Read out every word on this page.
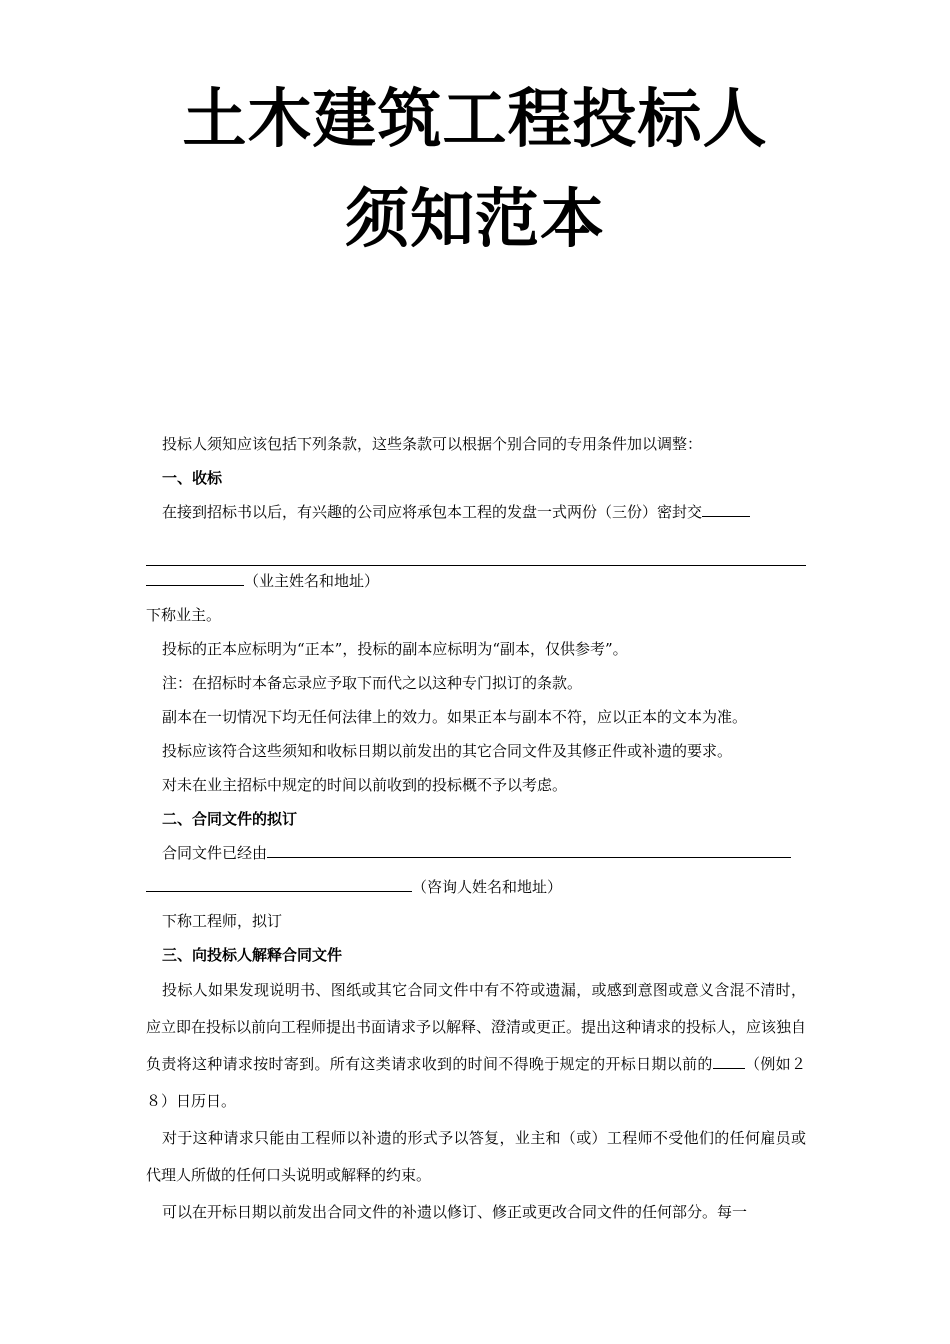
土木建筑工程投标人
须知范本
投标人须知应该包括下列条款，这些条款可以根据个别合同的专用条件加以调整：
一、收标
在接到招标书以后，有兴趣的公司应将承包本工程的发盘一式两份（三份）密封交
（业主姓名和地址）
下称业主。
投标的正本应标明为“正本”，投标的副本应标明为“副本，仅供参考”。
注：在招标时本备忘录应予取下而代之以这种专门拟订的条款。
副本在一切情况下均无任何法律上的效力。如果正本与副本不符，应以正本的文本为准。
投标应该符合这些须知和收标日期以前发出的其它合同文件及其修正件或补遗的要求。
对未在业主招标中规定的时间以前收到的投标概不予以考虑。
二、合同文件的拟订
合同文件已经由
（咨询人姓名和地址）
下称工程师，拟订
三、向投标人解释合同文件

投标人如果发现说明书、图纸或其它合同文件中有不符或遗漏，或感到意图或意义含混不清时，应立即在投标以前向工程师提出书面请求予以解释、澄清或更正。提出这种请求的投标人，应该独自负责将这种请求按时寄到。所有这类请求收到的时间不得晚于规定的开标日期以前的 （例如２８）日历日。

对于这种请求只能由工程师以补遗的形式予以答复，业主和（或）工程师不受他们的任何雇员或代理人所做的任何口头说明或解释的约束。

可以在开标日期以前发出合同文件的补遗以修订、修正或更改合同文件的任何部分。每一
